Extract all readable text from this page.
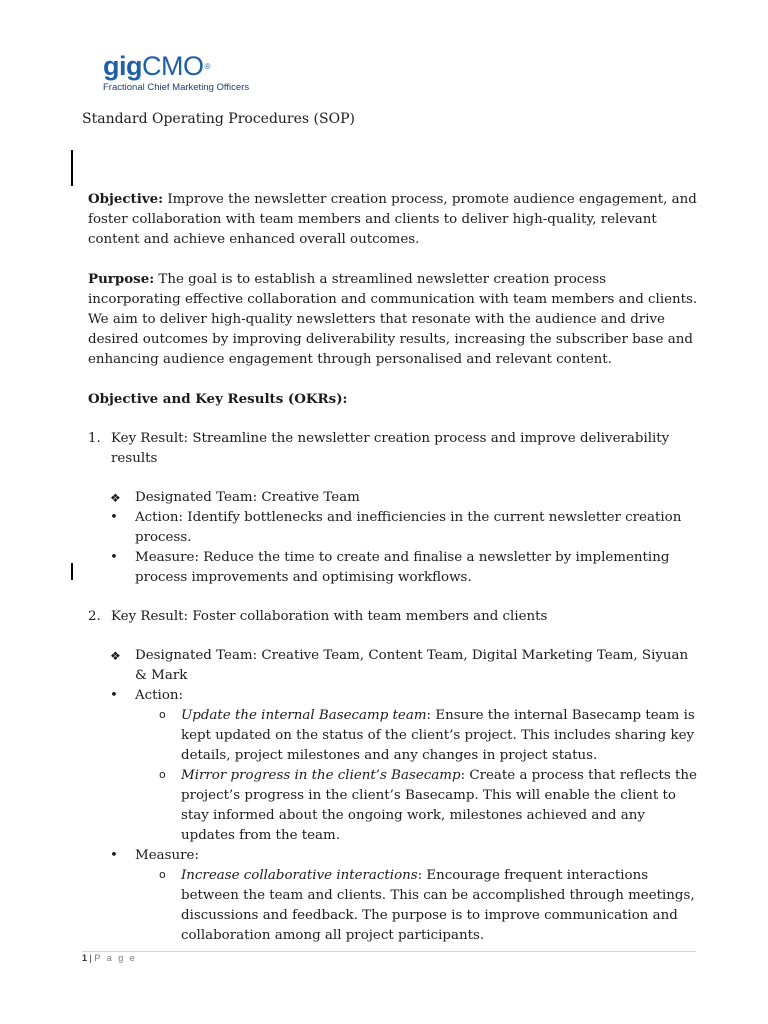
gigCMO®
Fractional Chief Marketing Officers
Standard Operating Procedures (SOP)

Objective: Improve the newsletter creation process, promote audience engagement, and foster collaboration with team members and clients to deliver high-quality, relevant content and achieve enhanced overall outcomes.

Purpose: The goal is to establish a streamlined newsletter creation process incorporating effective collaboration and communication with team members and clients. We aim to deliver high-quality newsletters that resonate with the audience and drive desired outcomes by improving deliverability results, increasing the subscriber base and enhancing audience engagement through personalised and relevant content.

Objective and Key Results (OKRs):

1. Key Result: Streamline the newsletter creation process and improve deliverability results

❖	Designated Team: Creative Team
•	Action: Identify bottlenecks and inefficiencies in the current newsletter creation process.
•	Measure: Reduce the time to create and finalise a newsletter by implementing process improvements and optimising workflows.

2. Key Result: Foster collaboration with team members and clients

❖	Designated Team: Creative Team, Content Team, Digital Marketing Team, Siyuan & Mark
•	Action:
o Update the internal Basecamp team: Ensure the internal Basecamp team is kept updated on the status of the client’s project. This includes sharing key details, project milestones and any changes in project status.
o Mirror progress in the client’s Basecamp: Create a process that reflects the project’s progress in the client’s Basecamp. This will enable the client to stay informed about the ongoing work, milestones achieved and any updates from the team.
•	Measure:
o Increase collaborative interactions: Encourage frequent interactions between the team and clients. This can be accomplished through meetings, discussions and feedback. The purpose is to improve communication and collaboration among all project participants.
1 | P a g e
